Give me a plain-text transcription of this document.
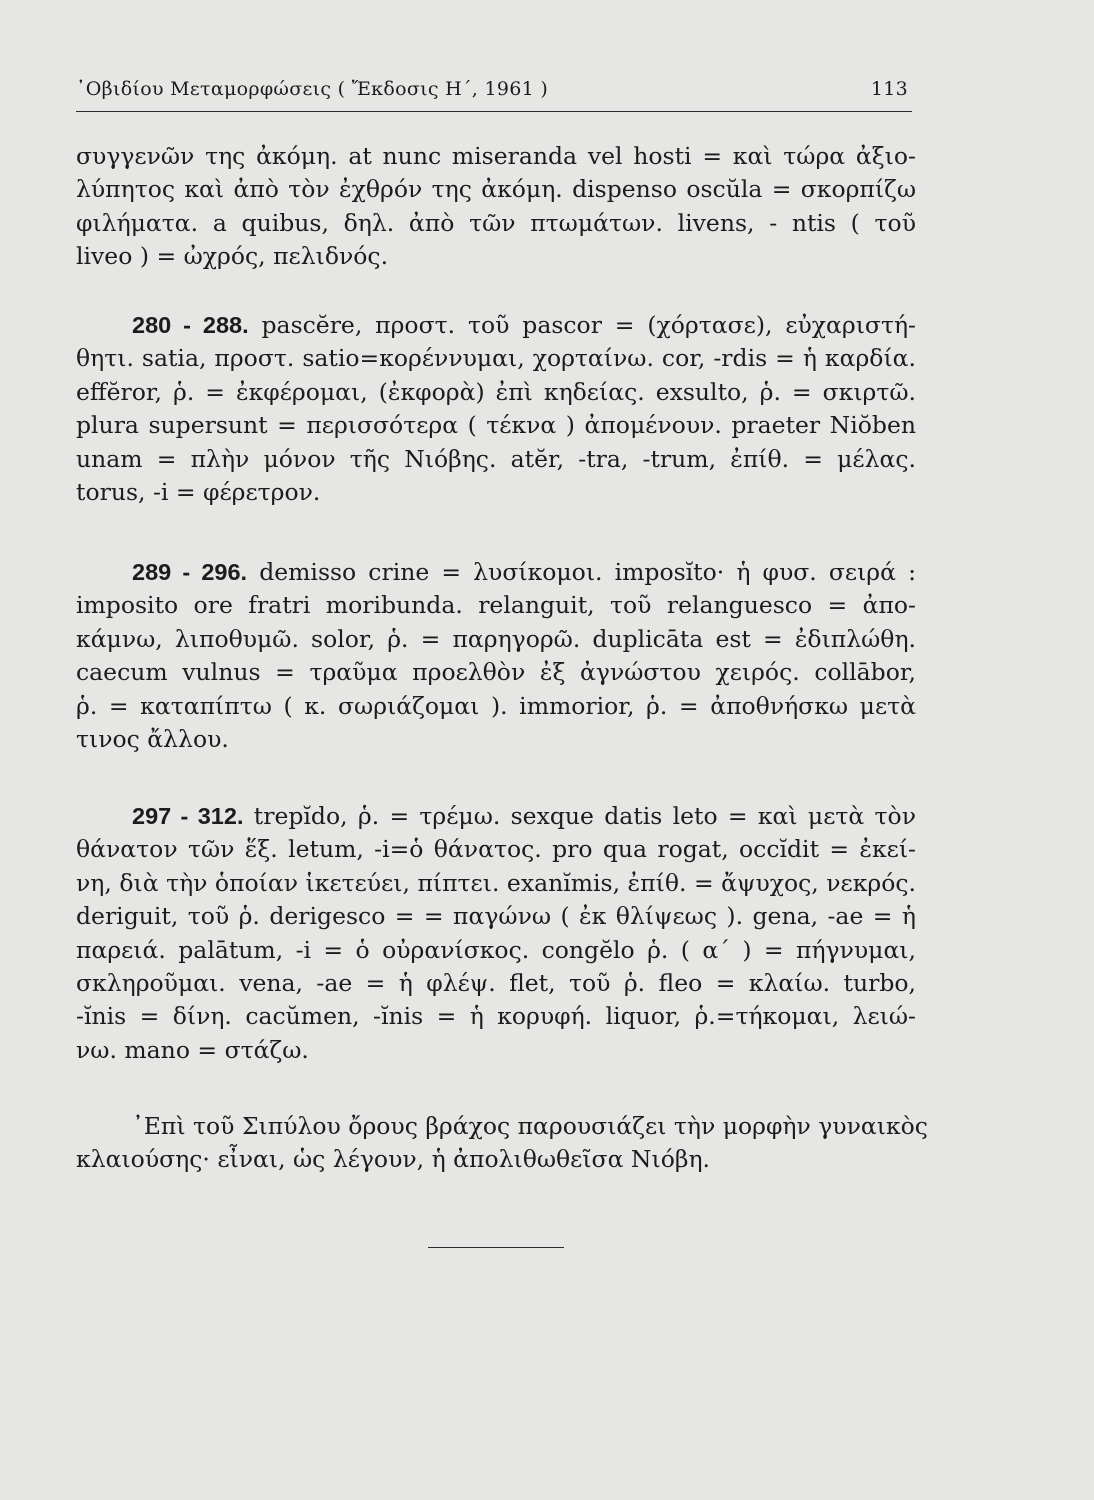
᾿Οβιδίου Μεταμορφώσεις ( Ἔκδοσις Η΄, 1961 )	113
συγγενῶν της ἀκόμη. at nunc miseranda vel hosti = καὶ τώρα ἀξιο-
λύπητος καὶ ἀπὸ τὸν ἐχθρόν της ἀκόμη. dispenso oscŭla = σκορπίζω
φιλήματα. a quibus, δηλ. ἀπὸ τῶν πτωμάτων. livens, - ntis ( τοῦ
liveo ) = ὠχρός, πελιδνός.
280 - 288. pascĕre, προστ. τοῦ pascor = (χόρτασε), εὐχαριστή-
θητι. satia, προστ. satio=κορέννυμαι, χορταίνω. cor, -rdis = ἡ καρδία.
effĕror, ῥ. = ἐκφέρομαι, (ἐκφορὰ) ἐπὶ κηδείας. exsulto, ῥ. = σκιρτῶ.
plura supersunt = περισσότερα ( τέκνα ) ἀπομένουν. praeter Niŏben
unam = πλὴν μόνον τῆς Νιόβης. atĕr, -tra, -trum, ἐπίθ. = μέλας.
torus, -i = φέρετρον.
289 - 296. demisso crine = λυσίκομοι. imposĭto· ἡ φυσ. σειρά :
imposito ore fratri moribunda. relanguit, τοῦ relanguesco = ἀπο-
κάμνω, λιποθυμῶ. solor, ῥ. = παρηγορῶ. duplicāta est = ἐδιπλώθη.
caecum vulnus = τραῦμα προελθὸν ἐξ ἀγνώστου χειρός. collābor,
ῥ. = καταπίπτω ( κ. σωριάζομαι ). immorior, ῥ. = ἀποθνήσκω μετὰ
τινος ἄλλου.
297 - 312. trepĭdo, ῥ. = τρέμω. sexque datis leto = καὶ μετὰ τὸν
θάνατον τῶν ἕξ. letum, -i=ὁ θάνατος. pro qua rogat, occĭdit = ἐκεί-
νη, διὰ τὴν ὁποίαν ἱκετεύει, πίπτει. exanĭmis, ἐπίθ. = ἄψυχος, νεκρός.
deriguit, τοῦ ῥ. derigesco = = παγώνω ( ἐκ θλίψεως ). gena, -ae = ἡ
παρειά. palātum, -i = ὁ οὐρανίσκος. congĕlo ῥ. ( α΄ ) = πήγνυμαι,
σκληροῦμαι. vena, -ae = ἡ φλέψ. flet, τοῦ ῥ. fleo = κλαίω. turbo,
-ĭnis = δίνη. cacŭmen, -ĭnis = ἡ κορυφή. liquor, ῥ.=τήκομαι, λειώ-
νω. mano = στάζω.
᾿Επὶ τοῦ Σιπύλου ὄρους βράχος παρουσιάζει τὴν μορφὴν γυναικὸς
κλαιούσης· εἶναι, ὡς λέγουν, ἡ ἀπολιθωθεῖσα Νιόβη.
